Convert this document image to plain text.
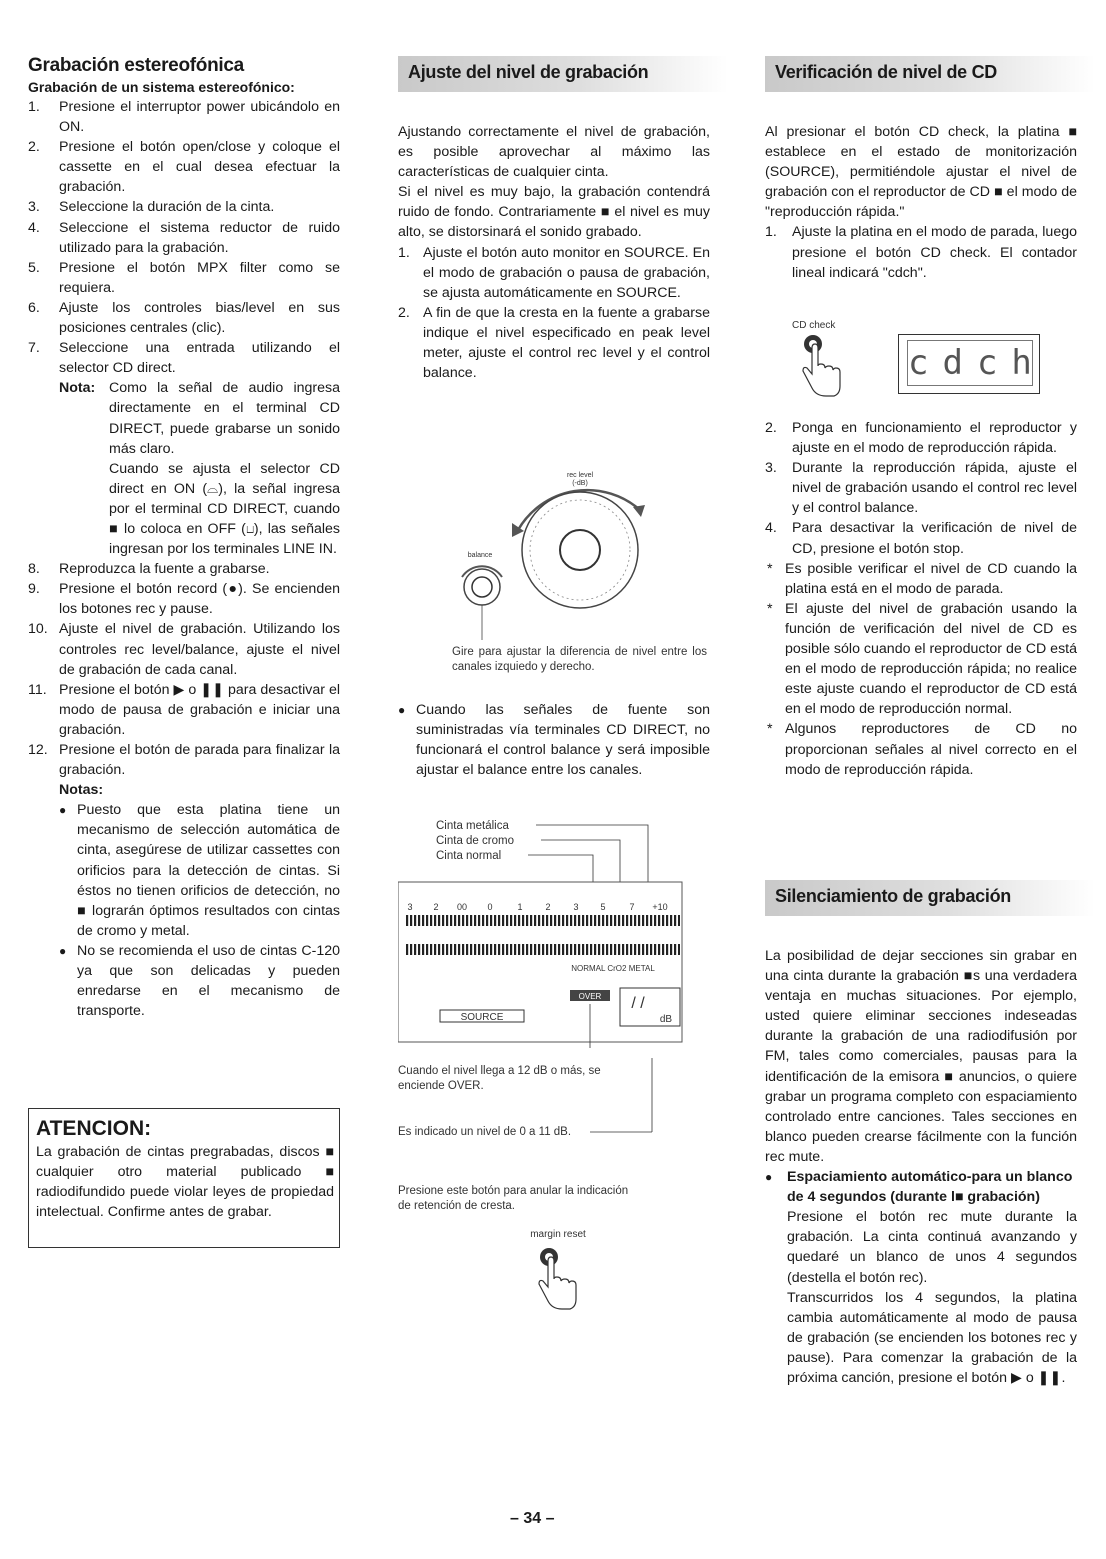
Grabación estereofónica
Grabación de un sistema estereofónico:
1. Presione el interruptor power ubicándolo en ON.
2. Presione el botón open/close y coloque el cassette en el cual desea efectuar la grabación.
3. Seleccione la duración de la cinta.
4. Seleccione el sistema reductor de ruido utilizado para la grabación.
5. Presione el botón MPX filter como se requiera.
6. Ajuste los controles bias/level en sus posiciones centrales (clic).
7. Seleccione una entrada utilizando el selector CD direct.
Nota: Como la señal de audio ingresa directamente en el terminal CD DIRECT, puede grabarse un sonido más claro.
Cuando se ajusta el selector CD direct en ON (⌓), la señal ingresa por el terminal CD DIRECT, cuando ■ lo coloca en OFF (⊔), las señales ingresan por los terminales LINE IN.
8. Reproduzca la fuente a grabarse.
9. Presione el botón record (●). Se encienden los botones rec y pause.
10. Ajuste el nivel de grabación. Utilizando los controles rec level/balance, ajuste el nivel de grabación de cada canal.
11. Presione el botón ▶ o ❚❚ para desactivar el modo de pausa de grabación e iniciar una grabación.
12. Presione el botón de parada para finalizar la grabación.
Notas:
● Puesto que esta platina tiene un mecanismo de selección automática de cinta, asegúrese de utilizar cassettes con orificios para la detección de cintas. Si éstos no tienen orificios de detección, no ■ lograrán óptimos resultados con cintas de cromo y metal.
● No se recomienda el uso de cintas C-120 ya que son delicadas y pueden enredarse en el mecanismo de transporte.
ATENCION:
La grabación de cintas pregrabadas, discos ■ cualquier otro material publicado ■ radiodifundido puede violar leyes de propiedad intelectual. Confirme antes de grabar.
Ajuste del nivel de grabación
Ajustando correctamente el nivel de grabación, es posible aprovechar al máximo las características de cualquier cinta.
Si el nivel es muy bajo, la grabación contendrá ruido de fondo. Contrariamente ■ el nivel es muy alto, se distorsinará el sonido grabado.
1. Ajuste el botón auto monitor en SOURCE. En el modo de grabación o pausa de grabación, se ajusta automáticamente en SOURCE.
2. A fin de que la cresta en la fuente a grabarse indique el nivel especificado en peak level meter, ajuste el control rec level y el control balance.
rec level
(-dB)
balance
Gire para ajustar la diferencia de nivel entre los canales izquiedo y derecho.
● Cuando las señales de fuente son suministradas vía terminales CD DIRECT, no funcionará el control balance y será imposible ajustar el balance entre los canales.
Cinta metálica
Cinta de cromo
Cinta normal
3 2 00 0	1	2	3 5	7 +10
NORMAL CrO2 METAL
SOURCE
OVER / /
dB
Cuando el nivel llega a 12 dB o más, se enciende OVER.
Es indicado un nivel de 0 a 11 dB.
Presione este botón para anular la indicación de retención de cresta.
margin reset
Verificación de nivel de CD
Al presionar el botón CD check, la platina ■ establece en el estado de monitorización (SOURCE), permitiéndole ajustar el nivel de grabación con el reproductor de CD ■ el modo de "reproducción rápida."
1. Ajuste la platina en el modo de parada, luego presione el botón CD check. El contador lineal indicará "cdch".
CD check
cdch
2. Ponga en funcionamiento el reproductor y ajuste en el modo de reproducción rápida.
3. Durante la reproducción rápida, ajuste el nivel de grabación usando el control rec level y el control balance.
4. Para desactivar la verificación de nivel de CD, presione el botón stop.
* Es posible verificar el nivel de CD cuando la platina está en el modo de parada.
* El ajuste del nivel de grabación usando la función de verificación del nivel de CD es posible sólo cuando el reproductor de CD está en el modo de reproducción rápida; no realice este ajuste cuando el reproductor de CD está en el modo de reproducción normal.
* Algunos reproductores de CD no proporcionan señales al nivel correcto en el modo de reproducción rápida.
Silenciamiento de grabación
La posibilidad de dejar secciones sin grabar en una cinta durante la grabación ■s una verdadera ventaja en muchas situaciones. Por ejemplo, usted quiere eliminar secciones indeseadas durante la grabación de una radiodifusión por FM, tales como comerciales, pausas para la identificación de la emisora ■ anuncios, o quiere grabar un programa completo con espaciamiento controlado entre canciones. Tales secciones en blanco pueden crearse fácilmente con la función rec mute.
● Espaciamiento automático-para un blanco de 4 segundos (durante l■ grabación)
Presione el botón rec mute durante la grabación. La cinta continuá avanzando y quedaré un blanco de unos 4 segundos (destella el botón rec).
Transcurridos los 4 segundos, la platina cambia automáticamente al modo de pausa de grabación (se encienden los botones rec y pause). Para comenzar la grabación de la próxima canción, presione el botón ▶ o ❚❚.
– 34 –
